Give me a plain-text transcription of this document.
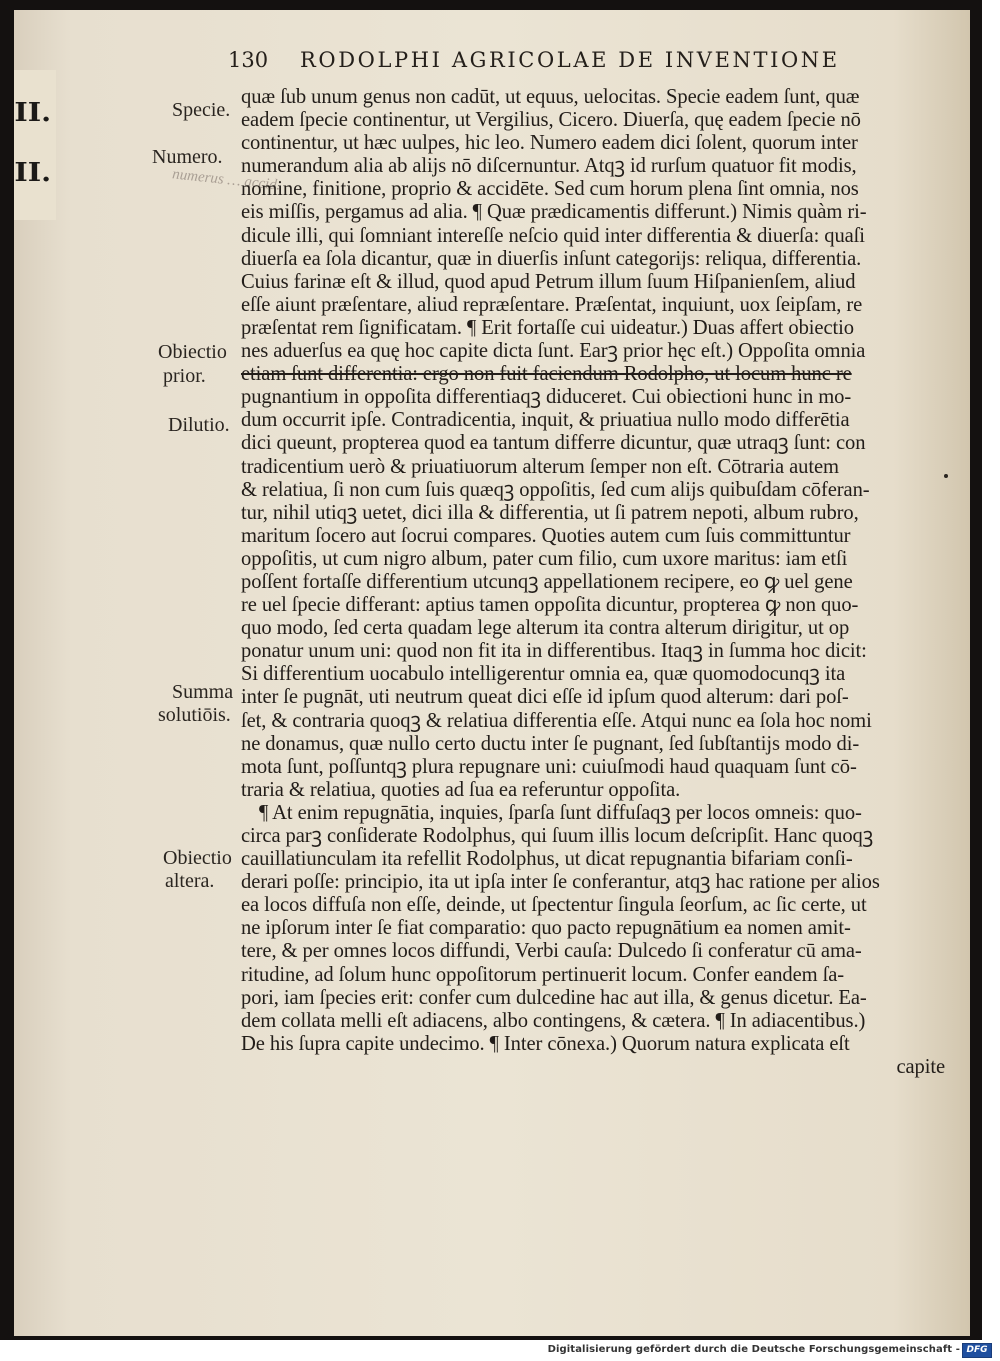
II.
II.
130 RODOLPHI AGRICOLAE DE INVENTIONE
Specie.
Numero.
numerus … accid.
Obiectio
prior.
Dilutio.
Summa
solutiōis.
Obiectio
altera.
quæ ſub unum genus non cadūt, ut equus, uelocitas. Specie eadem ſunt, quæ
eadem ſpecie continentur, ut Vergilius, Cicero. Diuerſa, quę eadem ſpecie nō
continentur, ut hæc uulpes, hic leo. Numero eadem dici ſolent, quorum inter
numerandum alia ab alijs nō diſcernuntur. Atqꝫ id rurſum quatuor fit modis,
nomine, finitione, proprio & accidēte. Sed cum horum plena ſint omnia, nos
eis miſſis, pergamus ad alia. ¶ Quæ prædicamentis differunt.) Nimis quàm ri-
dicule illi, qui ſomniant intereſſe neſcio quid inter differentia & diuerſa: quaſi
diuerſa ea ſola dicantur, quæ in diuerſis inſunt categorijs: reliqua, differentia.
Cuius farinæ eſt & illud, quod apud Petrum illum ſuum Hiſpanienſem, aliud
eſſe aiunt præſentare, aliud repræſentare. Præſentat, inquiunt, uox ſeipſam, re
præſentat rem ſignificatam. ¶ Erit fortaſſe cui uideatur.) Duas affert obiectio
nes aduerſus ea quę hoc capite dicta ſunt. Earꝫ prior hęc eſt.) Oppoſita omnia
etiam ſunt differentia: ergo non fuit faciendum Rodolpho, ut locum hunc re
pugnantium in oppoſita differentiaqꝫ diduceret. Cui obiectioni hunc in mo-
dum occurrit ipſe. Contradicentia, inquit, & priuatiua nullo modo differētia
dici queunt, propterea quod ea tantum differre dicuntur, quæ utraqꝫ ſunt: con
tradicentium uerò & priuatiuorum alterum ſemper non eſt. Cōtraria autem
& relatiua, ſi non cum ſuis quæqꝫ oppoſitis, ſed cum alijs quibuſdam cōferan-
tur, nihil utiqꝫ uetet, dici illa & differentia, ut ſi patrem nepoti, album rubro,
maritum ſocero aut ſocrui compares. Quoties autem cum ſuis committuntur
oppoſitis, ut cum nigro album, pater cum filio, cum uxore maritus: iam etſi
poſſent fortaſſe differentium utcunqꝫ appellationem recipere, eo ꝙ uel gene
re uel ſpecie differant: aptius tamen oppoſita dicuntur, propterea ꝙ non quo-
quo modo, ſed certa quadam lege alterum ita contra alterum dirigitur, ut op
ponatur unum uni: quod non fit ita in differentibus. Itaqꝫ in ſumma hoc dicit:
Si differentium uocabulo intelligerentur omnia ea, quæ quomodocunqꝫ ita
inter ſe pugnāt, uti neutrum queat dici eſſe id ipſum quod alterum: dari poſ-
ſet, & contraria quoqꝫ & relatiua differentia eſſe. Atqui nunc ea ſola hoc nomi
ne donamus, quæ nullo certo ductu inter ſe pugnant, ſed ſubſtantijs modo di-
mota ſunt, poſſuntqꝫ plura repugnare uni: cuiuſmodi haud quaquam ſunt cō-
traria & relatiua, quoties ad ſua ea referuntur oppoſita.
¶ At enim repugnātia, inquies, ſparſa ſunt diffuſaqꝫ per locos omneis: quo-
circa parꝫ conſiderate Rodolphus, qui ſuum illis locum deſcripſit. Hanc quoqꝫ
cauillatiunculam ita refellit Rodolphus, ut dicat repugnantia bifariam conſi-
derari poſſe: principio, ita ut ipſa inter ſe conferantur, atqꝫ hac ratione per alios
ea locos diffuſa non eſſe, deinde, ut ſpectentur ſingula ſeorſum, ac ſic certe, ut
ne ipſorum inter ſe fiat comparatio: quo pacto repugnātium ea nomen amit-
tere, & per omnes locos diffundi, Verbi cauſa: Dulcedo ſi conferatur cū ama-
ritudine, ad ſolum hunc oppoſitorum pertinuerit locum. Confer eandem ſa-
pori, iam ſpecies erit: confer cum dulcedine hac aut illa, & genus dicetur. Ea-
dem collata melli eſt adiacens, albo contingens, & cætera. ¶ In adiacentibus.)
De his ſupra capite undecimo. ¶ Inter cōnexa.) Quorum natura explicata eſt
capite
Digitalisierung gefördert durch die Deutsche Forschungsgemeinschaft - DFG
